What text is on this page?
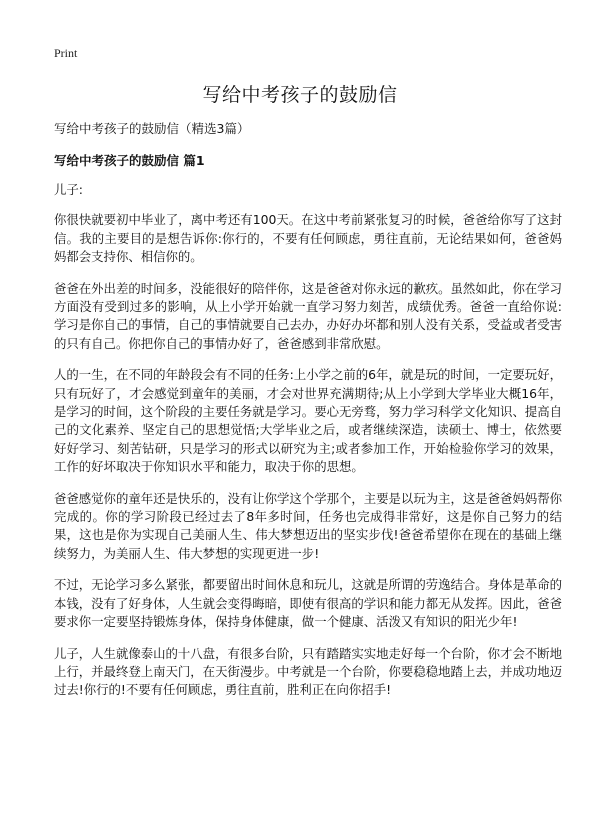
Print

写给中考孩子的鼓励信

写给中考孩子的鼓励信（精选3篇）

写给中考孩子的鼓励信 篇1

儿子:

你很快就要初中毕业了，离中考还有100天。在这中考前紧张复习的时候，爸爸给你写了这封信。我的主要目的是想告诉你:你行的，不要有任何顾虑，勇往直前，无论结果如何，爸爸妈妈都会支持你、相信你的。

爸爸在外出差的时间多，没能很好的陪伴你，这是爸爸对你永远的歉疚。虽然如此，你在学习方面没有受到过多的影响，从上小学开始就一直学习努力刻苦，成绩优秀。爸爸一直给你说:学习是你自己的事情，自己的事情就要自己去办，办好办坏都和别人没有关系，受益或者受害的只有自己。你把你自己的事情办好了，爸爸感到非常欣慰。

人的一生，在不同的年龄段会有不同的任务:上小学之前的6年，就是玩的时间，一定要玩好，只有玩好了，才会感觉到童年的美丽，才会对世界充满期待;从上小学到大学毕业大概16年，是学习的时间，这个阶段的主要任务就是学习。要心无旁骛，努力学习科学文化知识、提高自己的文化素养、坚定自己的思想觉悟;大学毕业之后，或者继续深造，读硕士、博士，依然要好好学习、刻苦钻研，只是学习的形式以研究为主;或者参加工作，开始检验你学习的效果，工作的好坏取决于你知识水平和能力，取决于你的思想。

爸爸感觉你的童年还是快乐的，没有让你学这个学那个，主要是以玩为主，这是爸爸妈妈帮你完成的。你的学习阶段已经过去了8年多时间，任务也完成得非常好，这是你自己努力的结果，这也是你为实现自己美丽人生、伟大梦想迈出的坚实步伐!爸爸希望你在现在的基础上继续努力，为美丽人生、伟大梦想的实现更进一步!

不过，无论学习多么紧张，都要留出时间休息和玩儿，这就是所谓的劳逸结合。身体是革命的本钱，没有了好身体，人生就会变得晦暗，即使有很高的学识和能力都无从发挥。因此，爸爸要求你一定要坚持锻炼身体，保持身体健康，做一个健康、活泼又有知识的阳光少年!

儿子，人生就像泰山的十八盘，有很多台阶，只有踏踏实实地走好每一个台阶，你才会不断地上行，并最终登上南天门，在天街漫步。中考就是一个台阶，你要稳稳地踏上去，并成功地迈过去!你行的!不要有任何顾虑，勇往直前，胜利正在向你招手!
